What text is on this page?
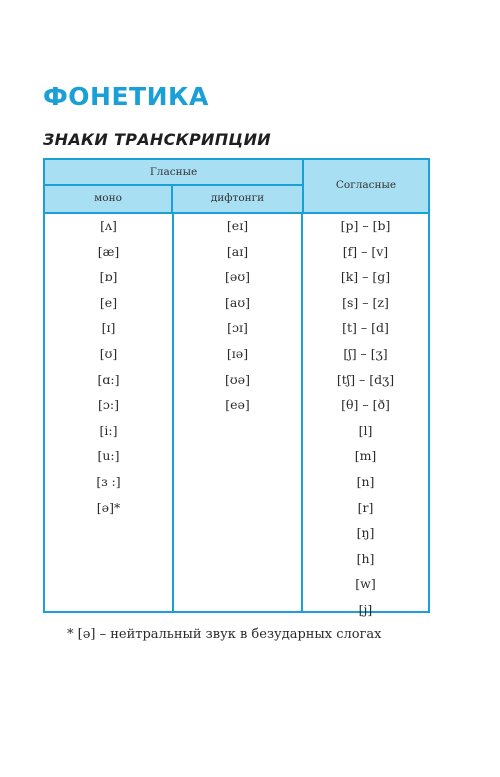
ФОНЕТИКА
ЗНАКИ ТРАНСКРИПЦИИ
Гласные
моно	дифтонги
Согласные
[ʌ]
[æ]
[ɒ]
[e]
[ɪ]
[ʊ]
[ɑ:]
[ɔ:]
[i:]
[u:]
[ɜ :]
[ə]*
[eɪ]
[aɪ]
[əʊ]
[aʊ]
[ɔɪ]
[ɪə]
[ʊə]
[eə]
[p] – [b]
[f] – [v]
[k] – [g]
[s] – [z]
[t] – [d]
[ʃ] – [ʒ]
[tʃ] – [dʒ]
[θ] – [ð]
[l]
[m]
[n]
[r]
[ŋ]
[h]
[w]
[j]
* [ə] – нейтральный звук в безударных слогах
